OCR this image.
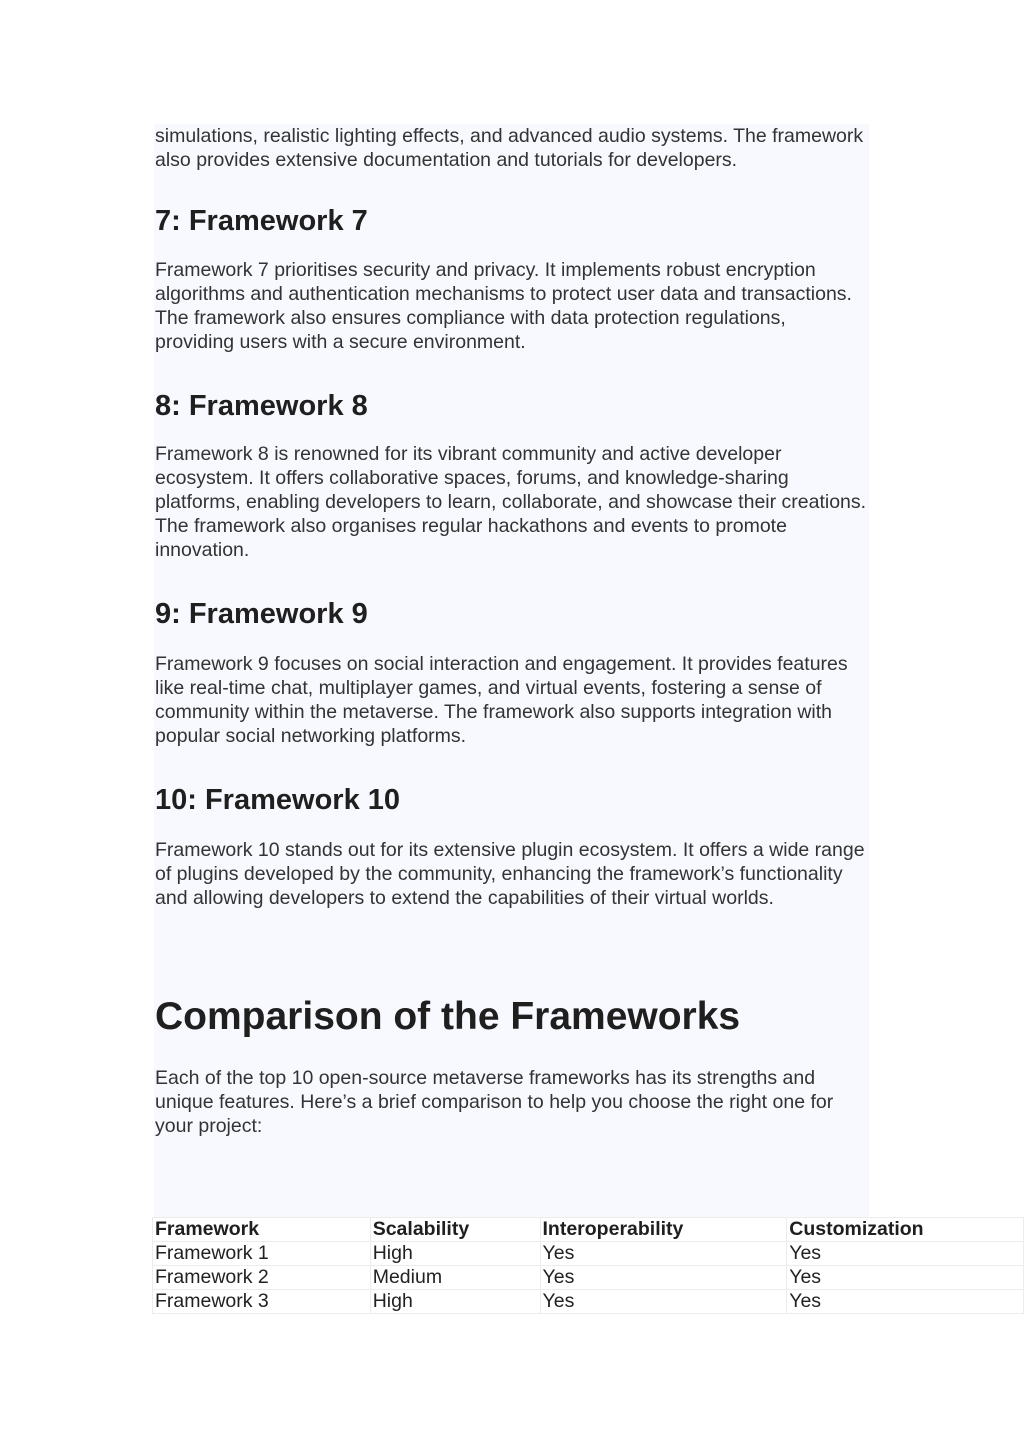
simulations, realistic lighting effects, and advanced audio systems. The framework also provides extensive documentation and tutorials for developers.

7: Framework 7

Framework 7 prioritises security and privacy. It implements robust encryption algorithms and authentication mechanisms to protect user data and transactions. The framework also ensures compliance with data protection regulations, providing users with a secure environment.

8: Framework 8

Framework 8 is renowned for its vibrant community and active developer ecosystem. It offers collaborative spaces, forums, and knowledge-sharing platforms, enabling developers to learn, collaborate, and showcase their creations. The framework also organises regular hackathons and events to promote innovation.

9: Framework 9

Framework 9 focuses on social interaction and engagement. It provides features like real-time chat, multiplayer games, and virtual events, fostering a sense of community within the metaverse. The framework also supports integration with popular social networking platforms.

10: Framework 10

Framework 10 stands out for its extensive plugin ecosystem. It offers a wide range of plugins developed by the community, enhancing the framework’s functionality and allowing developers to extend the capabilities of their virtual worlds.

Comparison of the Frameworks

Each of the top 10 open-source metaverse frameworks has its strengths and unique features. Here’s a brief comparison to help you choose the right one for your project:

Framework	Scalability	Interoperability	Customization
Framework 1	High	Yes	Yes
Framework 2	Medium	Yes	Yes
Framework 3	High	Yes	Yes
